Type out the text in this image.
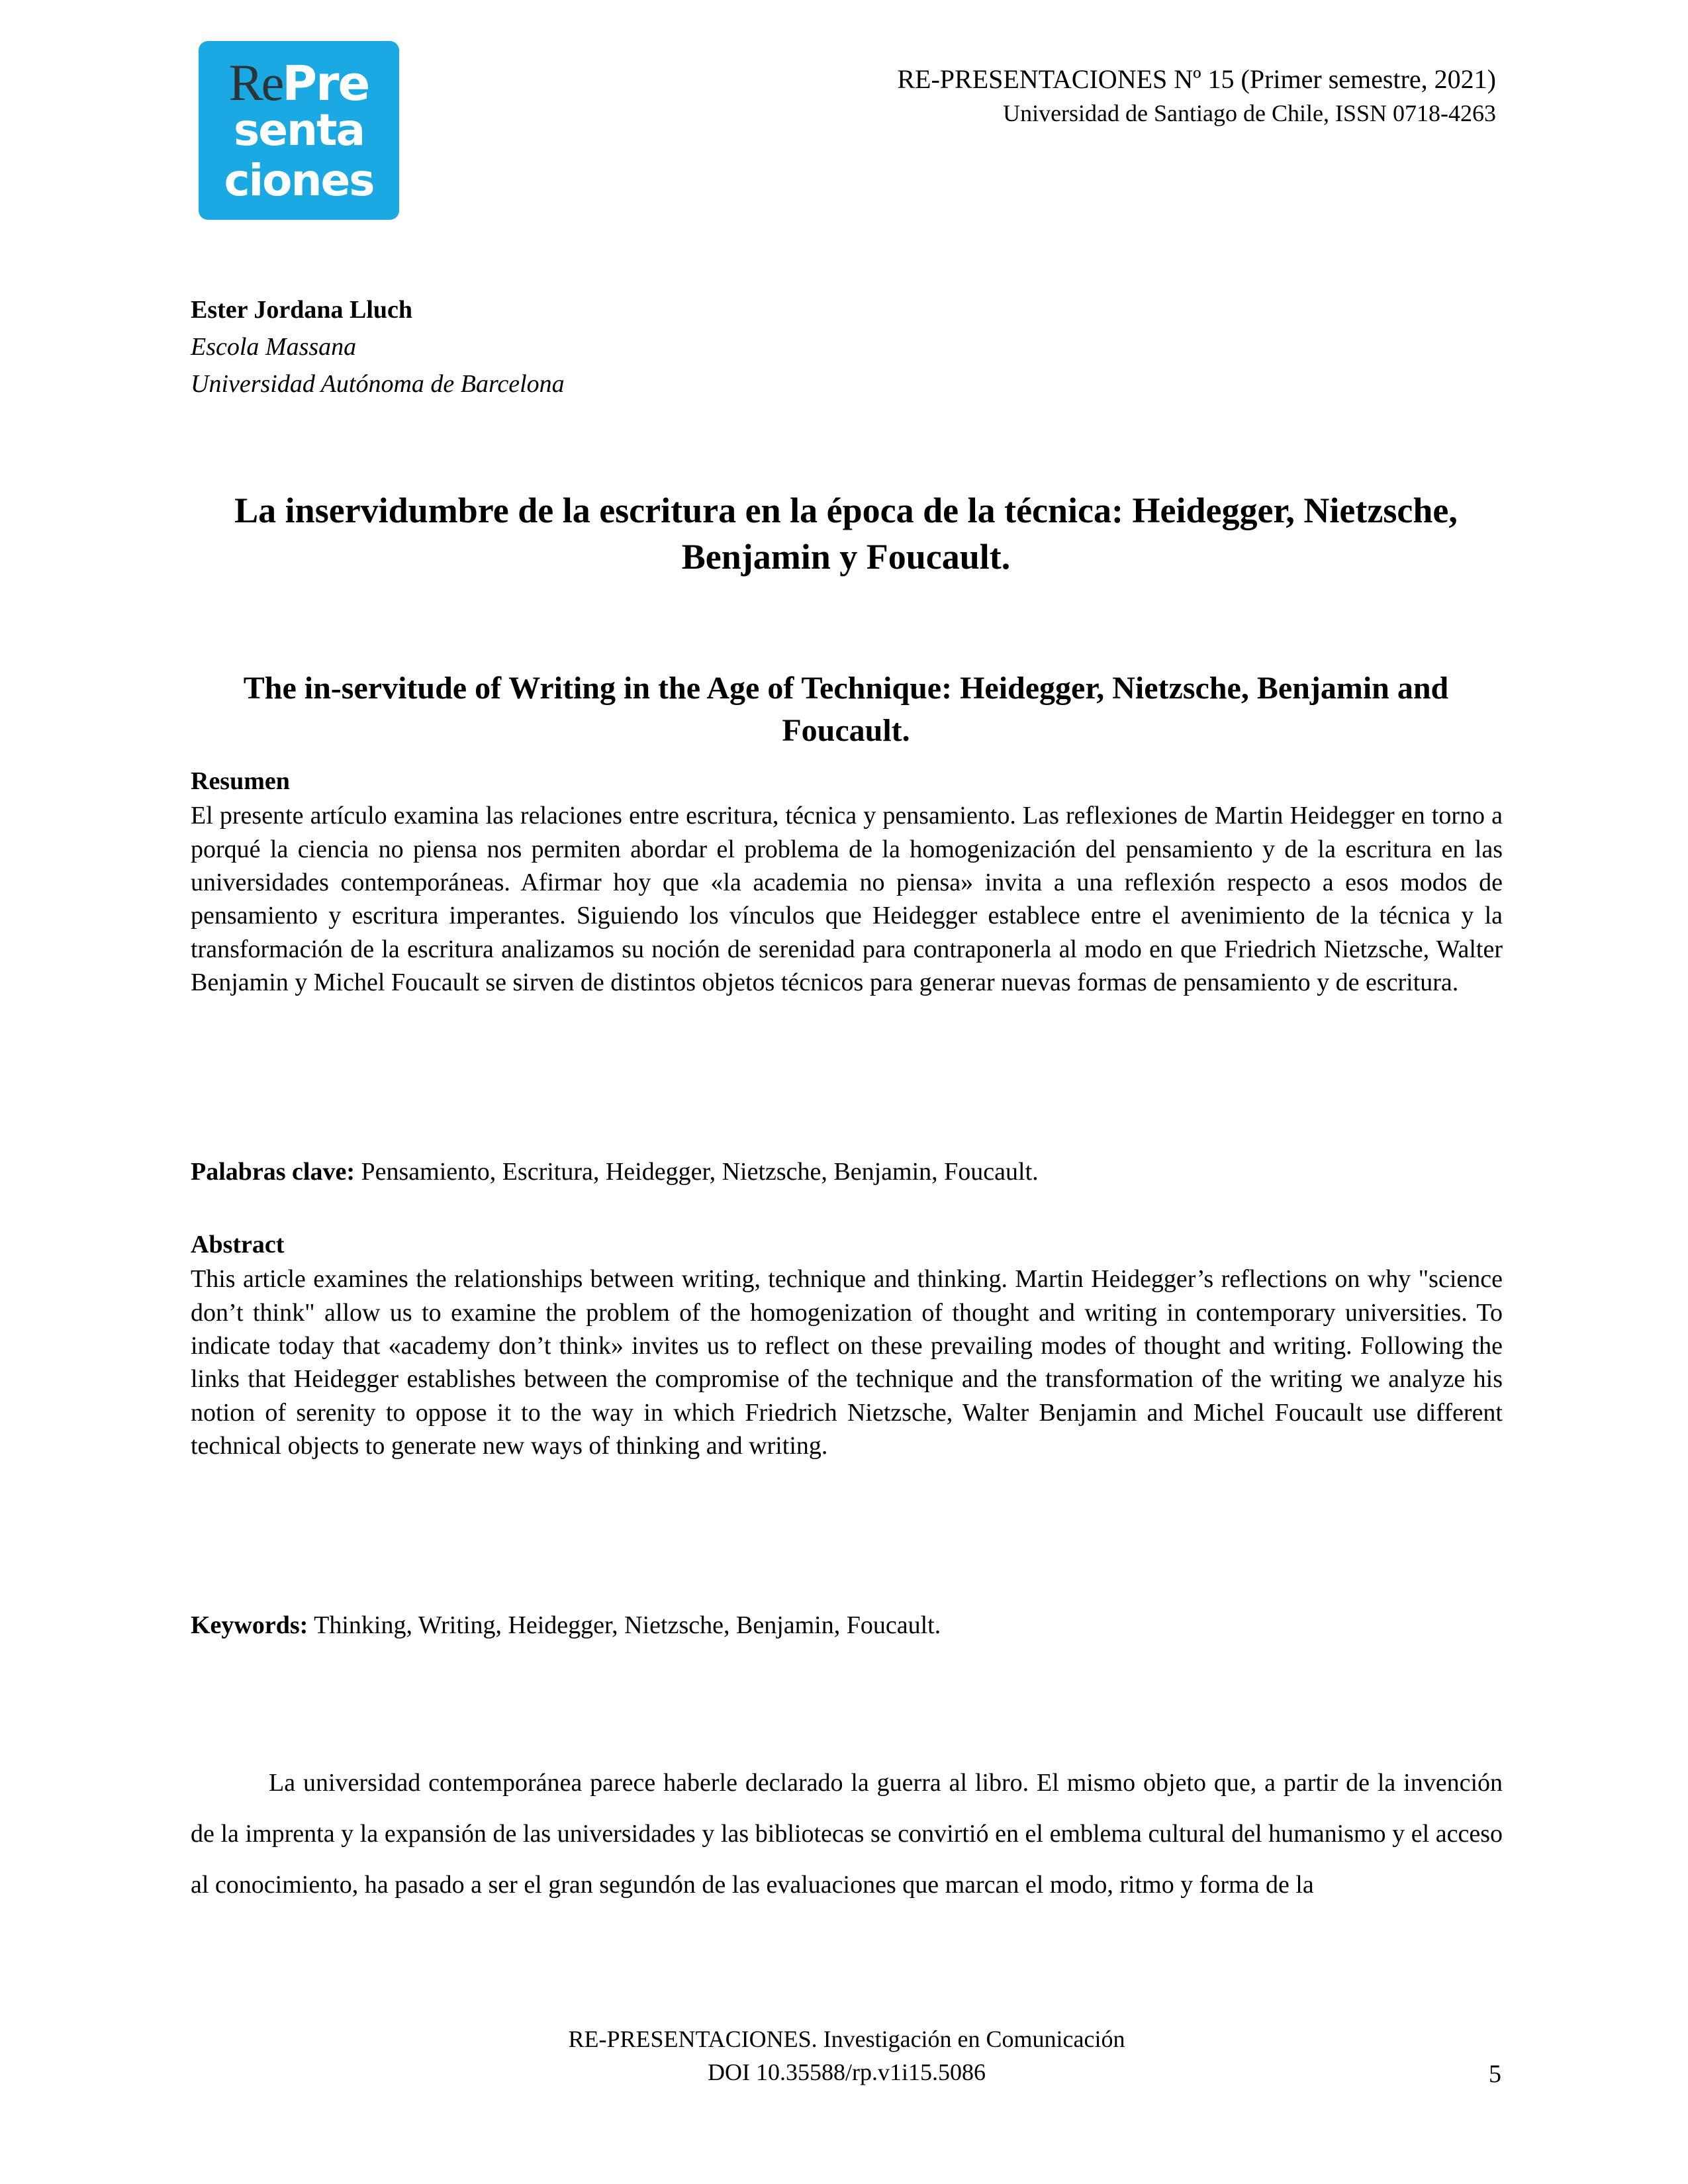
RePre
senta
ciones
RE-PRESENTACIONES Nº 15 (Primer semestre, 2021)
Universidad de Santiago de Chile, ISSN 0718-4263
Ester Jordana Lluch
Escola Massana
Universidad Autónoma de Barcelona
La inservidumbre de la escritura en la época de la técnica: Heidegger, Nietzsche, Benjamin y Foucault.
The in-servitude of Writing in the Age of Technique: Heidegger, Nietzsche, Benjamin and Foucault.
Resumen

El presente artículo examina las relaciones entre escritura, técnica y pensamiento. Las reflexiones de Martin Heidegger en torno a porqué la ciencia no piensa nos permiten abordar el problema de la homogenización del pensamiento y de la escritura en las universidades contemporáneas. Afirmar hoy que «la academia no piensa» invita a una reflexión respecto a esos modos de pensamiento y escritura imperantes. Siguiendo los vínculos que Heidegger establece entre el avenimiento de la técnica y la transformación de la escritura analizamos su noción de serenidad para contraponerla al modo en que Friedrich Nietzsche, Walter Benjamin y Michel Foucault se sirven de distintos objetos técnicos para generar nuevas formas de pensamiento y de escritura.

Palabras clave: Pensamiento, Escritura, Heidegger, Nietzsche, Benjamin, Foucault.

Abstract

This article examines the relationships between writing, technique and thinking. Martin Heidegger’s reflections on why "science don’t think" allow us to examine the problem of the homogenization of thought and writing in contemporary universities. To indicate today that «academy don’t think» invites us to reflect on these prevailing modes of thought and writing. Following the links that Heidegger establishes between the compromise of the technique and the transformation of the writing we analyze his notion of serenity to oppose it to the way in which Friedrich Nietzsche, Walter Benjamin and Michel Foucault use different technical objects to generate new ways of thinking and writing.

Keywords: Thinking, Writing, Heidegger, Nietzsche, Benjamin, Foucault.

La universidad contemporánea parece haberle declarado la guerra al libro. El mismo objeto que, a partir de la invención de la imprenta y la expansión de las universidades y las bibliotecas se convirtió en el emblema cultural del humanismo y el acceso al conocimiento, ha pasado a ser el gran segundón de las evaluaciones que marcan el modo, ritmo y forma de la

RE-PRESENTACIONES. Investigación en Comunicación
DOI 10.35588/rp.v1i15.5086	5
